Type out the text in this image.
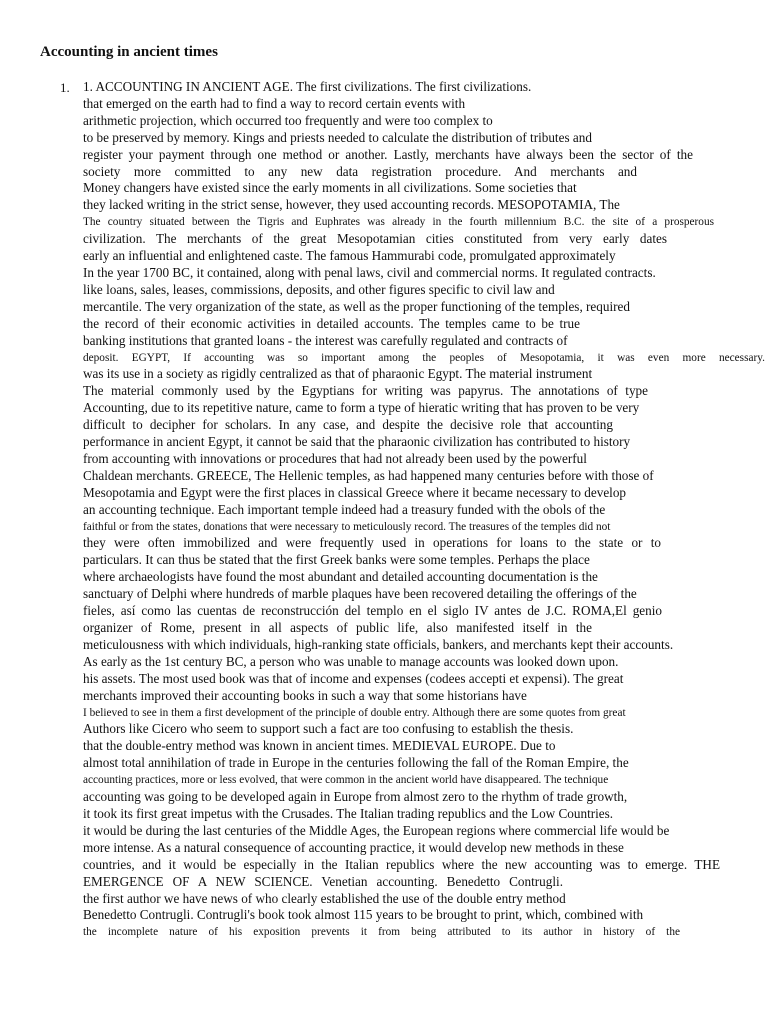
Accounting in ancient times
1. 1. ACCOUNTING IN ANCIENT AGE. The first civilizations. The first civilizations.
that emerged on the earth had to find a way to record certain events with
arithmetic projection, which occurred too frequently and were too complex to
to be preserved by memory. Kings and priests needed to calculate the distribution of tributes and
register your payment through one method or another. Lastly, merchants have always been the sector of the
society more committed to any new data registration procedure. And merchants and
Money changers have existed since the early moments in all civilizations. Some societies that
they lacked writing in the strict sense, however, they used accounting records. MESOPOTAMIA, The
The country situated between the Tigris and Euphrates was already in the fourth millennium B.C. the site of a prosperous
civilization. The merchants of the great Mesopotamian cities constituted from very early dates
early an influential and enlightened caste. The famous Hammurabi code, promulgated approximately
In the year 1700 BC, it contained, along with penal laws, civil and commercial norms. It regulated contracts.
like loans, sales, leases, commissions, deposits, and other figures specific to civil law and
mercantile. The very organization of the state, as well as the proper functioning of the temples, required
the record of their economic activities in detailed accounts. The temples came to be true
banking institutions that granted loans - the interest was carefully regulated and contracts of
deposit. EGYPT, If accounting was so important among the peoples of Mesopotamia, it was even more necessary.
was its use in a society as rigidly centralized as that of pharaonic Egypt. The material instrument
The material commonly used by the Egyptians for writing was papyrus. The annotations of type
Accounting, due to its repetitive nature, came to form a type of hieratic writing that has proven to be very
difficult to decipher for scholars. In any case, and despite the decisive role that accounting
performance in ancient Egypt, it cannot be said that the pharaonic civilization has contributed to history
from accounting with innovations or procedures that had not already been used by the powerful
Chaldean merchants. GREECE, The Hellenic temples, as had happened many centuries before with those of
Mesopotamia and Egypt were the first places in classical Greece where it became necessary to develop
an accounting technique. Each important temple indeed had a treasury funded with the obols of the
faithful or from the states, donations that were necessary to meticulously record. The treasures of the temples did not
they were often immobilized and were frequently used in operations for loans to the state or to
particulars. It can thus be stated that the first Greek banks were some temples. Perhaps the place
where archaeologists have found the most abundant and detailed accounting documentation is the
sanctuary of Delphi where hundreds of marble plaques have been recovered detailing the offerings of the
fieles, así como las cuentas de reconstrucción del templo en el siglo IV antes de J.C. ROMA,El genio
organizer of Rome, present in all aspects of public life, also manifested itself in the
meticulousness with which individuals, high-ranking state officials, bankers, and merchants kept their accounts.
As early as the 1st century BC, a person who was unable to manage accounts was looked down upon.
his assets. The most used book was that of income and expenses (codees accepti et expensi). The great
merchants improved their accounting books in such a way that some historians have
I believed to see in them a first development of the principle of double entry. Although there are some quotes from great
Authors like Cicero who seem to support such a fact are too confusing to establish the thesis.
that the double-entry method was known in ancient times. MEDIEVAL EUROPE. Due to
almost total annihilation of trade in Europe in the centuries following the fall of the Roman Empire, the
accounting practices, more or less evolved, that were common in the ancient world have disappeared. The technique
accounting was going to be developed again in Europe from almost zero to the rhythm of trade growth,
it took its first great impetus with the Crusades. The Italian trading republics and the Low Countries.
it would be during the last centuries of the Middle Ages, the European regions where commercial life would be
more intense. As a natural consequence of accounting practice, it would develop new methods in these
countries, and it would be especially in the Italian republics where the new accounting was to emerge. THE
EMERGENCE OF A NEW SCIENCE. Venetian accounting. Benedetto Contrugli.
the first author we have news of who clearly established the use of the double entry method
Benedetto Contrugli. Contrugli's book took almost 115 years to be brought to print, which, combined with
the incomplete nature of his exposition prevents it from being attributed to its author in history of the
